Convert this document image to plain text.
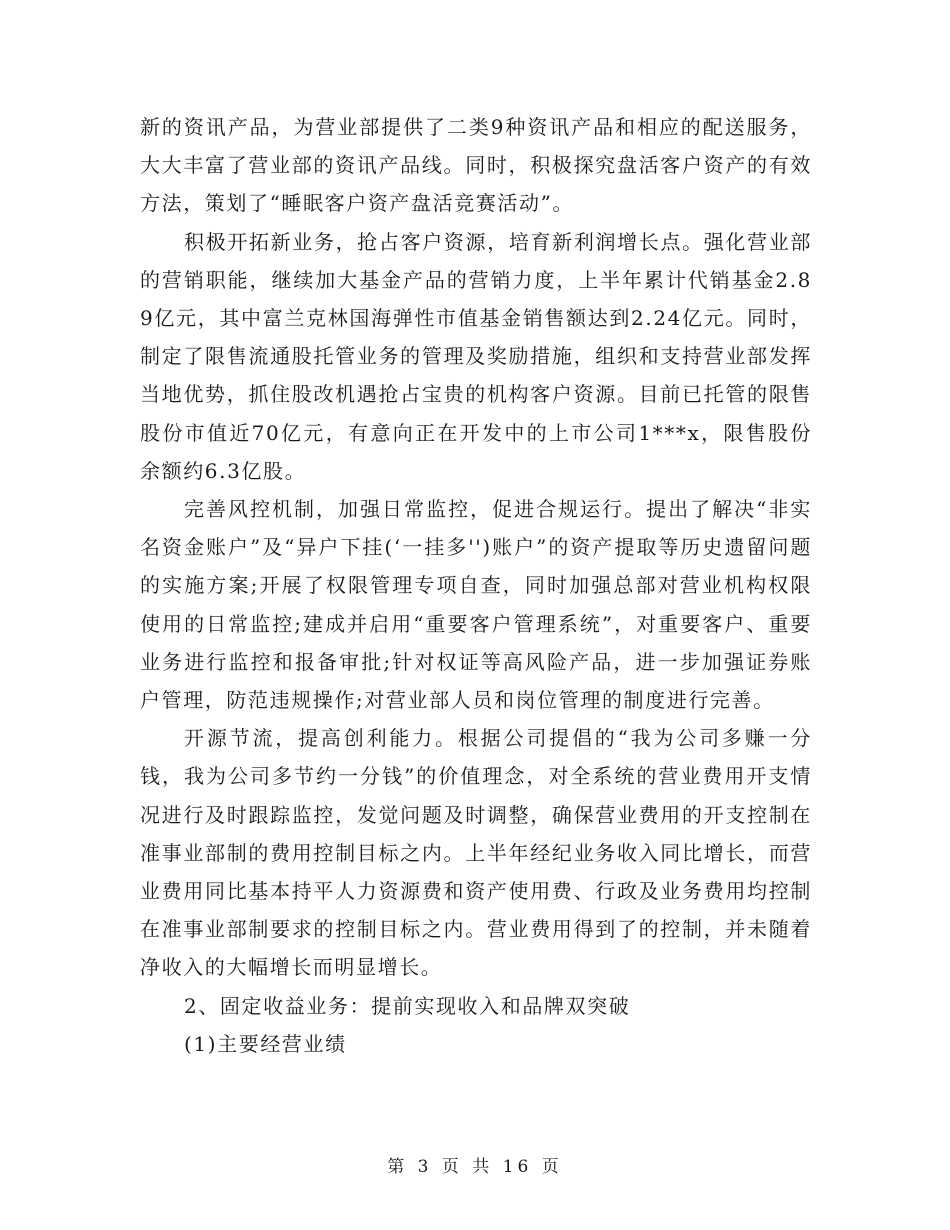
新的资讯产品，为营业部提供了二类9种资讯产品和相应的配送服务，大大丰富了营业部的资讯产品线。同时，积极探究盘活客户资产的有效方法，策划了“睡眠客户资产盘活竞赛活动”。

积极开拓新业务，抢占客户资源，培育新利润增长点。强化营业部的营销职能，继续加大基金产品的营销力度，上半年累计代销基金2.89亿元，其中富兰克林国海弹性市值基金销售额达到2.24亿元。同时，制定了限售流通股托管业务的管理及奖励措施，组织和支持营业部发挥当地优势，抓住股改机遇抢占宝贵的机构客户资源。目前已托管的限售股份市值近70亿元，有意向正在开发中的上市公司1***x，限售股份余额约6.3亿股。

完善风控机制，加强日常监控，促进合规运行。提出了解决“非实名资金账户”及“异户下挂(‘一挂多'')账户”的资产提取等历史遗留问题的实施方案;开展了权限管理专项自查，同时加强总部对营业机构权限使用的日常监控;建成并启用“重要客户管理系统”，对重要客户、重要业务进行监控和报备审批;针对权证等高风险产品，进一步加强证券账户管理，防范违规操作;对营业部人员和岗位管理的制度进行完善。

开源节流，提高创利能力。根据公司提倡的“我为公司多赚一分钱，我为公司多节约一分钱”的价值理念，对全系统的营业费用开支情况进行及时跟踪监控，发觉问题及时调整，确保营业费用的开支控制在准事业部制的费用控制目标之内。上半年经纪业务收入同比增长，而营业费用同比基本持平人力资源费和资产使用费、行政及业务费用均控制在准事业部制要求的控制目标之内。营业费用得到了的控制，并未随着净收入的大幅增长而明显增长。

2、固定收益业务：提前实现收入和品牌双突破

(1)主要经营业绩

第 3 页 共 16 页
